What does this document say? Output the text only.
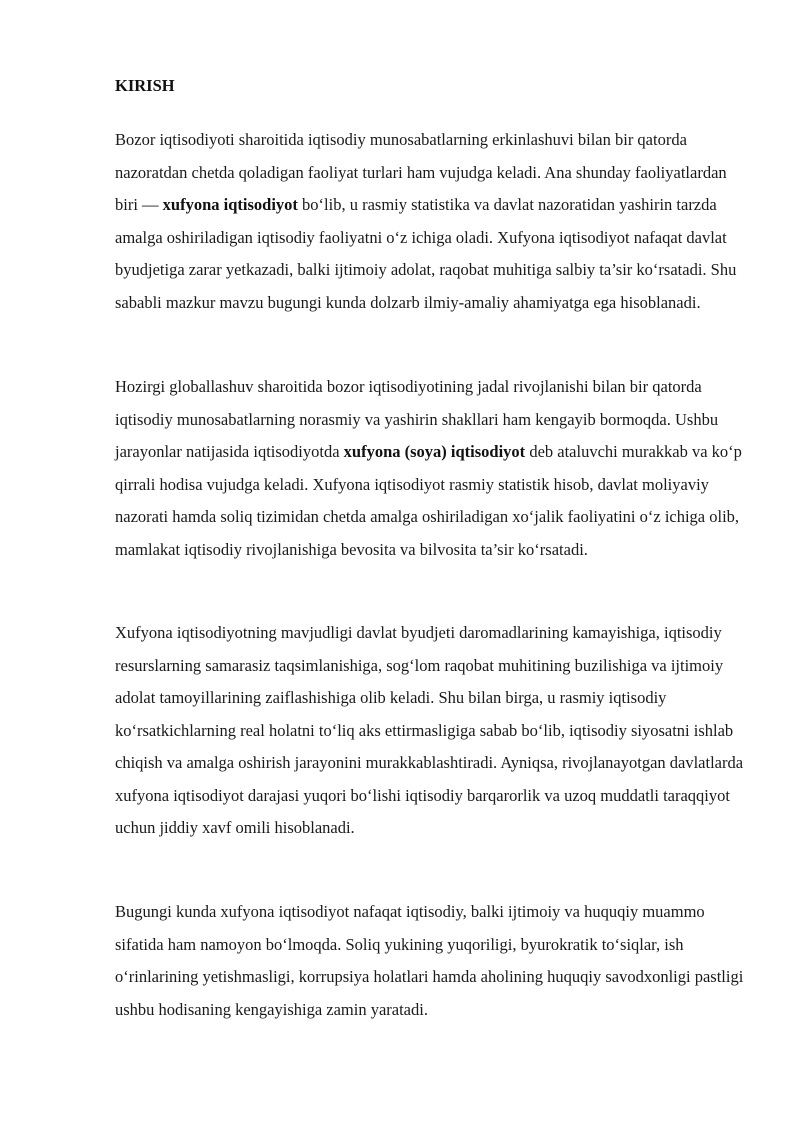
KIRISH

Bozor iqtisodiyoti sharoitida iqtisodiy munosabatlarning erkinlashuvi bilan bir qatorda nazoratdan chetda qoladigan faoliyat turlari ham vujudga keladi. Ana shunday faoliyatlardan biri — xufyona iqtisodiyot bo‘lib, u rasmiy statistika va davlat nazoratidan yashirin tarzda amalga oshiriladigan iqtisodiy faoliyatni o‘z ichiga oladi. Xufyona iqtisodiyot nafaqat davlat byudjetiga zarar yetkazadi, balki ijtimoiy adolat, raqobat muhitiga salbiy ta’sir ko‘rsatadi. Shu sababli mazkur mavzu bugungi kunda dolzarb ilmiy-amaliy ahamiyatga ega hisoblanadi.

Hozirgi globallashuv sharoitida bozor iqtisodiyotining jadal rivojlanishi bilan bir qatorda iqtisodiy munosabatlarning norasmiy va yashirin shakllari ham kengayib bormoqda. Ushbu jarayonlar natijasida iqtisodiyotda xufyona (soya) iqtisodiyot deb ataluvchi murakkab va ko‘p qirrali hodisa vujudga keladi. Xufyona iqtisodiyot rasmiy statistik hisob, davlat moliyaviy nazorati hamda soliq tizimidan chetda amalga oshiriladigan xo‘jalik faoliyatini o‘z ichiga olib, mamlakat iqtisodiy rivojlanishiga bevosita va bilvosita ta’sir ko‘rsatadi.

Xufyona iqtisodiyotning mavjudligi davlat byudjeti daromadlarining kamayishiga, iqtisodiy resurslarning samarasiz taqsimlanishiga, sog‘lom raqobat muhitining buzilishiga va ijtimoiy adolat tamoyillarining zaiflashishiga olib keladi. Shu bilan birga, u rasmiy iqtisodiy ko‘rsatkichlarning real holatni to‘liq aks ettirmasligiga sabab bo‘lib, iqtisodiy siyosatni ishlab chiqish va amalga oshirish jarayonini murakkablashtiradi. Ayniqsa, rivojlanayotgan davlatlarda xufyona iqtisodiyot darajasi yuqori bo‘lishi iqtisodiy barqarorlik va uzoq muddatli taraqqiyot uchun jiddiy xavf omili hisoblanadi.

Bugungi kunda xufyona iqtisodiyot nafaqat iqtisodiy, balki ijtimoiy va huquqiy muammo sifatida ham namoyon bo‘lmoqda. Soliq yukining yuqoriligi, byurokratik to‘siqlar, ish o‘rinlarining yetishmasligi, korrupsiya holatlari hamda aholining huquqiy savodxonligi pastligi ushbu hodisaning kengayishiga zamin yaratadi.
